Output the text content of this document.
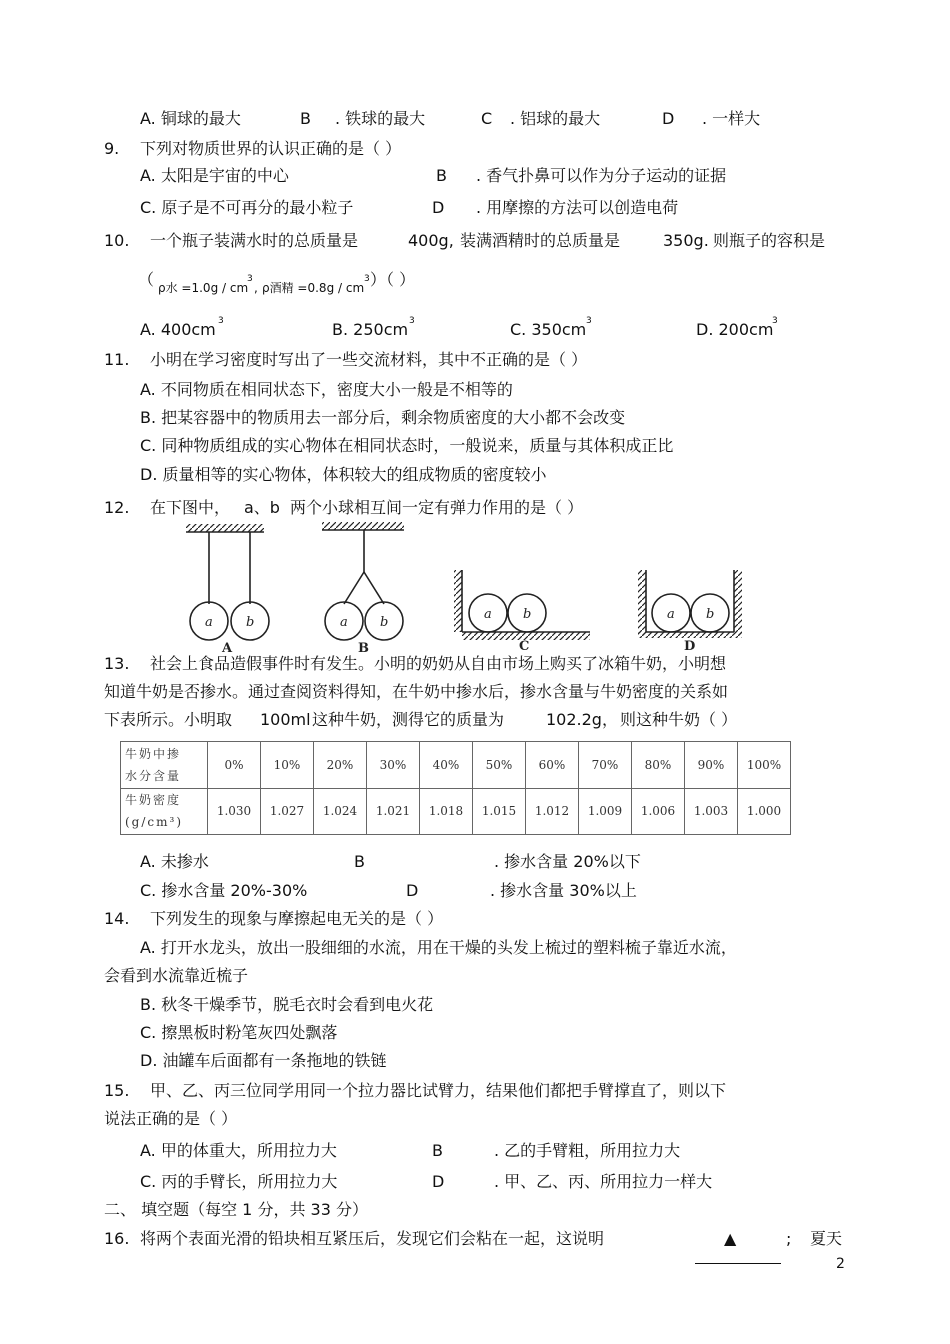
A. 铜球的最大	B . 铁球的最大	C . 铝球的最大	D . 一样大
9. 下列对物质世界的认识正确的是（ ）
A. 太阳是宇宙的中心	B . 香气扑鼻可以作为分子运动的证据
C. 原子是不可再分的最小粒子	D . 用摩擦的方法可以创造电荷
10. 一个瓶子装满水时的总质量是	400g, 装满酒精时的总质量是	350g. 则瓶子的容积是
（ ρ水 =1.0g / cm
3
, ρ酒精 =0.8g / cm
3 ）（ ）
A. 400cm 3	B. 250cm 3	C. 350cm 3	D. 200cm
3
11. 小明在学习密度时写出了一些交流材料，其中不正确的是（ ）
A. 不同物质在相同状态下，密度大小一般是不相等的
B. 把某容器中的物质用去一部分后，剩余物质密度的大小都不会改变
C. 同种物质组成的实心物体在相同状态时，一般说来，质量与其体积成正比
D. 质量相等的实心物体，体积较大的组成物质的密度较小
12. 在下图中， a、b 两个小球相互间一定有弹力作用的是（ ）
a	b
A
a b
B
a b
C
a b
D
13. 社会上食品造假事件时有发生。小明的奶奶从自由市场上购买了冰箱牛奶，小明想
知道牛奶是否掺水。通过查阅资料得知，在牛奶中掺水后，掺水含量与牛奶密度的关系如
下表所示。小明取 100ml 这种牛奶，测得它的质量为	102.2g， 则这种牛奶（ ）
牛奶中掺
水分含量	0%	10%	20%	30%	40%	50%	60%	70%	80%	90%	100%

牛奶密度
(g/cm³)	1.030	1.027	1.024	1.021	1.018	1.015	1.012	1.009	1.006	1.003	1.000
A. 未掺水	B	. 掺水含量 20%以下
C. 掺水含量 20%-30%	D	. 掺水含量 30%以上
14. 下列发生的现象与摩擦起电无关的是（ ）
A. 打开水龙头，放出一股细细的水流，用在干燥的头发上梳过的塑料梳子靠近水流，
会看到水流靠近梳子
B. 秋冬干燥季节，脱毛衣时会看到电火花
C. 擦黑板时粉笔灰四处飘落
D. 油罐车后面都有一条拖地的铁链
15. 甲、乙、丙三位同学用同一个拉力器比试臂力，结果他们都把手臂撑直了，则以下
说法正确的是（ ）
A. 甲的体重大，所用拉力大	B	. 乙的手臂粗，所用拉力大
C. 丙的手臂长，所用拉力大	D	. 甲、乙、丙、所用拉力一样大
二、 填空题（每空 1 分，共 33 分）
16. 将两个表面光滑的铅块相互紧压后，发现它们会粘在一起，这说明	▲	; 夏天
2
